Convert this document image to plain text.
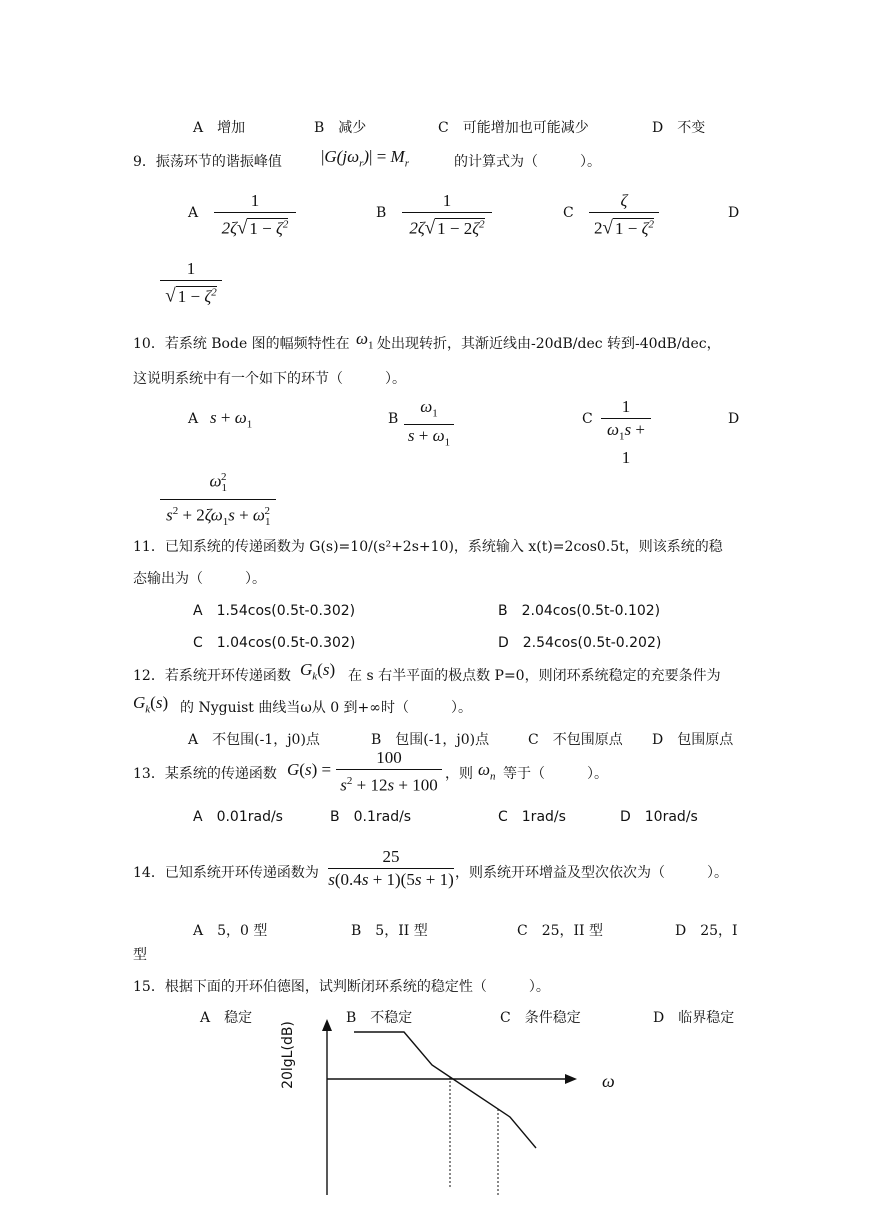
A　增加	B　减少	C　可能增加也可能减少	D　不变
9．振荡环节的谐振峰值 $|G(j\omega_r)| = M_r$	的计算式为（　　　）。
A
1
2ζ√ $1 - \zeta^2$
B
1
2ζ√ $1 - 2\zeta^2$
C
ζ
2√ $1 - \zeta^2$
D
1
√ $1 - \zeta^2$
10．若系统 Bode 图的幅频特性在 $\omega_1$ 处出现转折，其渐近线由-20dB/dec 转到-40dB/dec，
这说明系统中有一个如下的环节（　　　）。
A $s + \omega_1$	B
$\omega_1$
$s + \omega_1$
C
1
$\omega_1s + 1$
D
$\omega_1^2$
$s^2 + 2\zeta\omega_1s + \omega_1^2$
11．已知系统的传递函数为 G(s)=10/(s²+2s+10)，系统输入 x(t)=2cos0.5t，则该系统的稳
态输出为（　　　）。
A　1.54cos(0.5t-0.302)	B　2.04cos(0.5t-0.102)
C　1.04cos(0.5t-0.302)	D　2.54cos(0.5t-0.202)
12．若系统开环传递函数 $G_k(s)$ 在 s 右半平面的极点数 P=0，则闭环系统稳定的充要条件为
$G_k(s)$ 的 Nyguist 曲线当ω从 0 到+∞时（　　　）。
A　不包围(-1，j0)点	B　包围(-1，j0)点	C　不包围原点 D　包围原点
13．某系统的传递函数 G(s) =
100
$s^2 + 12s + 100$
，则 $\omega_n$ 等于（　　　）。
A　0.01rad/s	B　0.1rad/s	C　1rad/s	D　10rad/s
14．已知系统开环传递函数为
25
s(0.4s + 1)(5s + 1) ，则系统开环增益及型次依次为（　　　）。
A　5，0 型	B　5，II 型	C　25，II 型	D　25，I
型
15．根据下面的开环伯德图，试判断闭环系统的稳定性（　　　）。
A　稳定	B　不稳定	C　条件稳定	D　临界稳定
20lgL(dB)	ω
